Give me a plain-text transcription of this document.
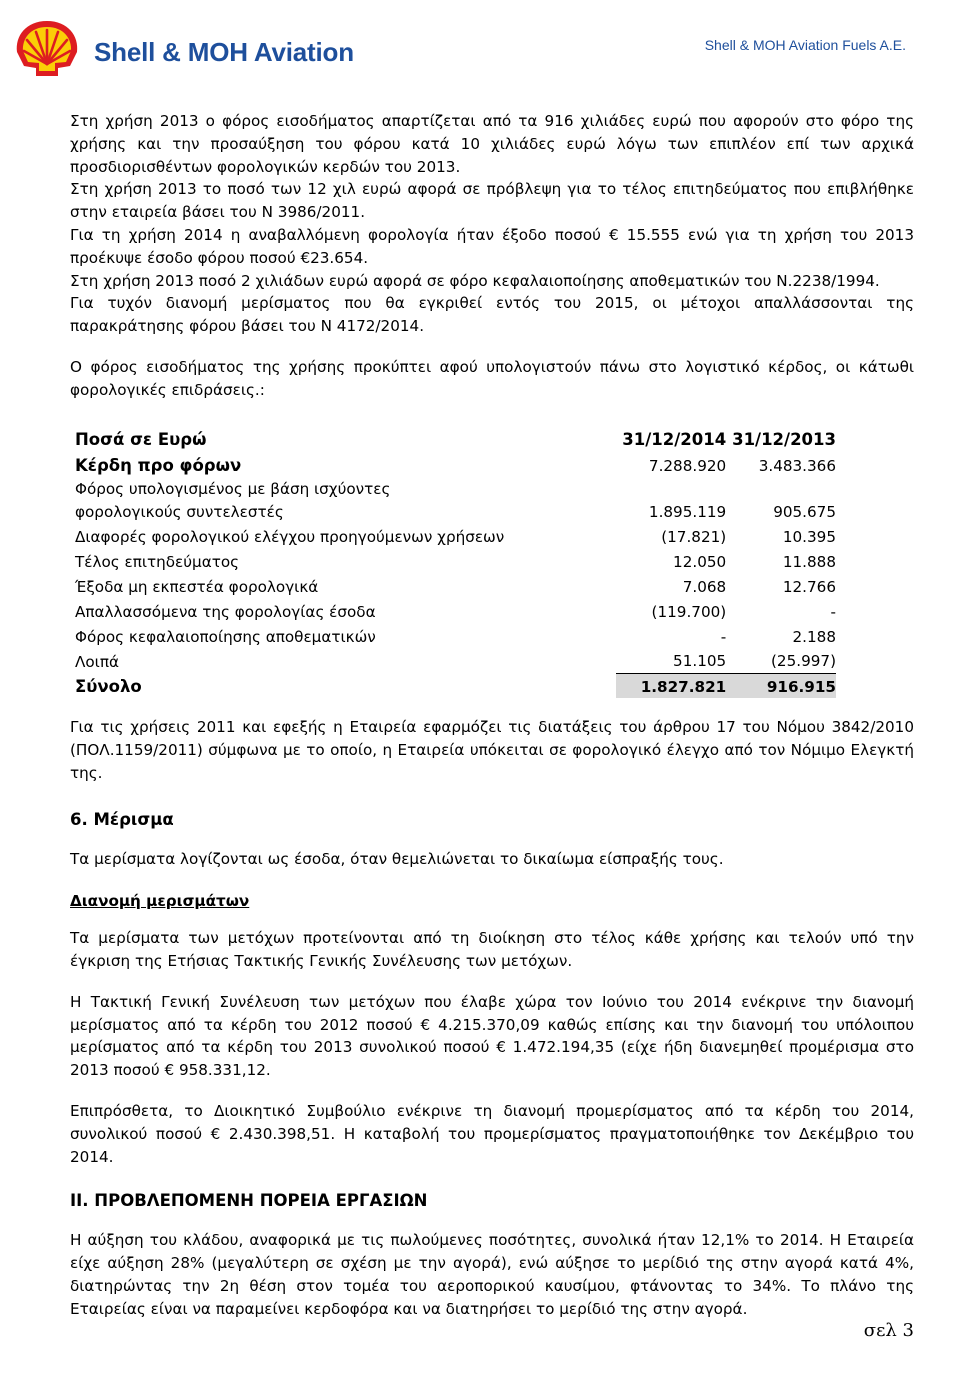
Shell & MOH Aviation	Shell & MOH Aviation Fuels A.E.

Στη χρήση 2013 ο φόρος εισοδήματος απαρτίζεται από τα 916 χιλιάδες ευρώ που αφορούν στο φόρο της χρήσης και την προσαύξηση του φόρου κατά 10 χιλιάδες ευρώ λόγω των επιπλέον επί των αρχικά προσδιορισθέντων φορολογικών κερδών του 2013.

Στη χρήση 2013 το ποσό των 12 χιλ ευρώ αφορά σε πρόβλεψη για το τέλος επιτηδεύματος που επιβλήθηκε στην εταιρεία βάσει του Ν 3986/2011.

Για τη χρήση 2014 η αναβαλλόμενη φορολογία ήταν έξοδο ποσού € 15.555 ενώ για τη χρήση του 2013 προέκυψε έσοδο φόρου ποσού €23.654.

Στη χρήση 2013 ποσό 2 χιλιάδων ευρώ αφορά σε φόρο κεφαλαιοποίησης αποθεματικών του Ν.2238/1994.

Για τυχόν διανομή μερίσματος που θα εγκριθεί εντός του 2015, οι μέτοχοι απαλλάσσονται της παρακράτησης φόρου βάσει του Ν 4172/2014.

Ο φόρος εισοδήματος της χρήσης προκύπτει αφού υπολογιστούν πάνω στο λογιστικό κέρδος, οι κάτωθι φορολογικές επιδράσεις.:

Ποσά σε Ευρώ	31/12/2014	31/12/2013
Κέρδη προ φόρων	7.288.920	3.483.366
Φόρος υπολογισμένος με βάση ισχύοντες φορολογικούς συντελεστές	1.895.119	905.675
Διαφορές φορολογικού ελέγχου προηγούμενων χρήσεων	(17.821)	10.395
Τέλος επιτηδεύματος	12.050	11.888
Έξοδα μη εκπεστέα φορολογικά	7.068	12.766
Απαλλασσόμενα της φορολογίας έσοδα	(119.700)	-
Φόρος κεφαλαιοποίησης αποθεματικών	-	2.188
Λοιπά	51.105	(25.997)
Σύνολο	1.827.821	916.915

Για τις χρήσεις 2011 και εφεξής η Εταιρεία εφαρμόζει τις διατάξεις του άρθρου 17 του Νόμου 3842/2010 (ΠΟΛ.1159/2011) σύμφωνα με το οποίο, η Εταιρεία υπόκειται σε φορολογικό έλεγχο από τον Νόμιμο Ελεγκτή της.

6. Μέρισμα

Τα μερίσματα λογίζονται ως έσοδα, όταν θεμελιώνεται το δικαίωμα είσπραξής τους.

Διανομή μερισμάτων

Τα μερίσματα των μετόχων προτείνονται από τη διοίκηση στο τέλος κάθε χρήσης και τελούν υπό την έγκριση της Ετήσιας Τακτικής Γενικής Συνέλευσης των μετόχων.

Η Τακτική Γενική Συνέλευση των μετόχων που έλαβε χώρα τον Ιούνιο του 2014 ενέκρινε την διανομή μερίσματος από τα κέρδη του 2012 ποσού € 4.215.370,09 καθώς επίσης και την διανομή του υπόλοιπου μερίσματος από τα κέρδη του 2013 συνολικού ποσού € 1.472.194,35 (είχε ήδη διανεμηθεί προμέρισμα στο 2013 ποσού € 958.331,12.

Επιπρόσθετα, το Διοικητικό Συμβούλιο ενέκρινε τη διανομή προμερίσματος από τα κέρδη του 2014, συνολικού ποσού € 2.430.398,51. Η καταβολή του προμερίσματος πραγματοποιήθηκε τον Δεκέμβριο του 2014.

ΙΙ. ΠΡΟΒΛΕΠΟΜΕΝΗ ΠΟΡΕΙΑ ΕΡΓΑΣΙΩΝ

Η αύξηση του κλάδου, αναφορικά με τις πωλούμενες ποσότητες, συνολικά ήταν 12,1% το 2014. Η Εταιρεία είχε αύξηση 28% (μεγαλύτερη σε σχέση με την αγορά), ενώ αύξησε το μερίδιό της στην αγορά κατά 4%, διατηρώντας την 2η θέση στον τομέα του αεροπορικού καυσίμου, φτάνοντας το 34%. Το πλάνο της Εταιρείας είναι να παραμείνει κερδοφόρα και να διατηρήσει το μερίδιό της στην αγορά.

σελ 3
